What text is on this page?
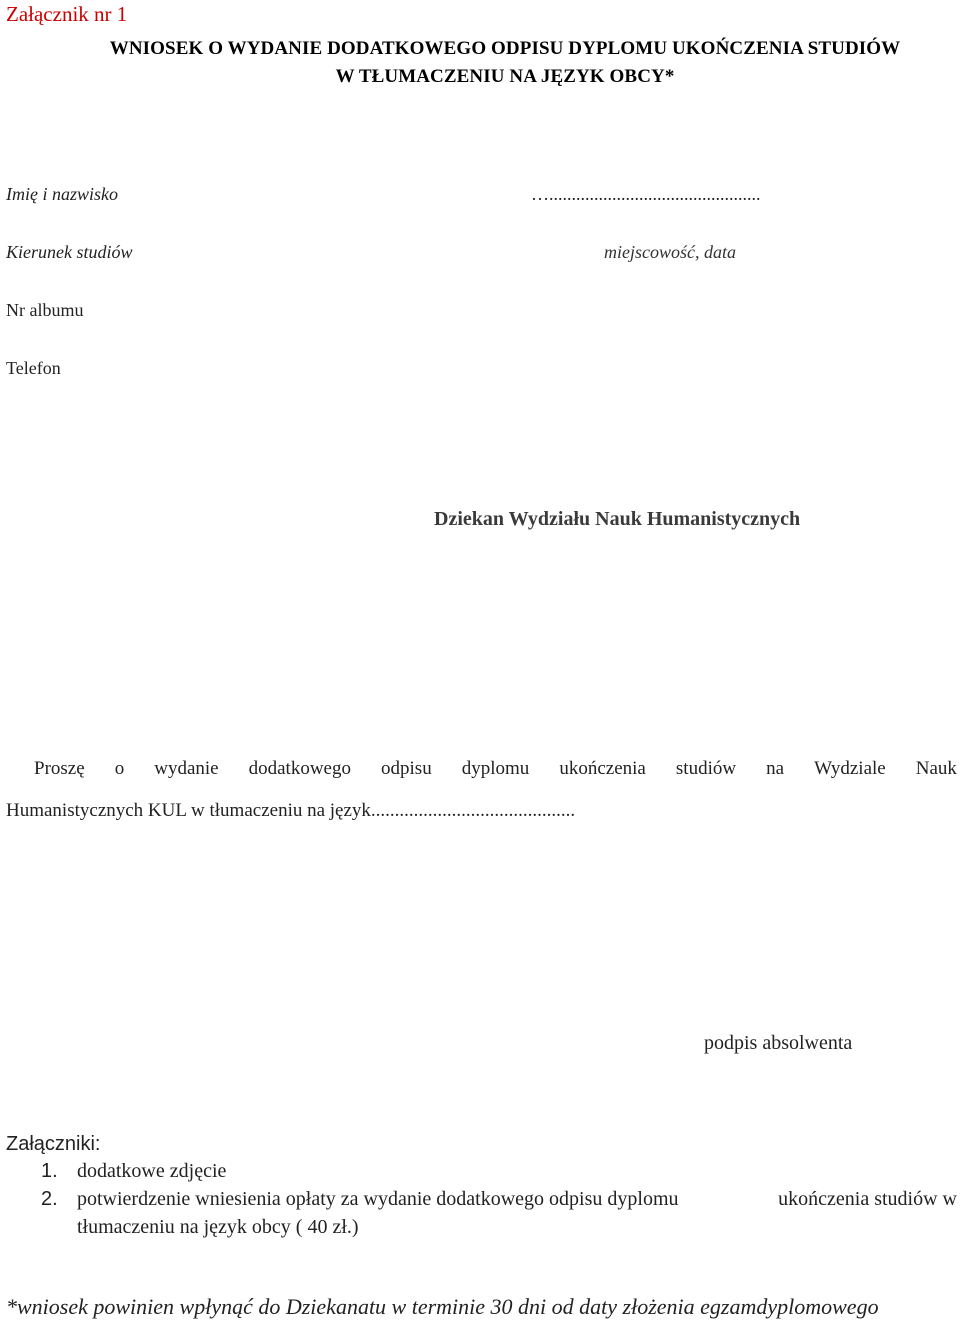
Załącznik nr 1
WNIOSEK O WYDANIE DODATKOWEGO ODPISU DYPLOMU UKOŃCZENIA STUDIÓW
W TŁUMACZENIU NA JĘZYK OBCY*
Imię i nazwisko	…...............................................
Kierunek studiów	miejscowość, data
Nr albumu
Telefon
Dziekan Wydziału Nauk Humanistycznych
Proszę o wydanie dodatkowego odpisu dyplomu ukończenia studiów na Wydziale Nauk
Humanistycznych KUL w tłumaczeniu na język...........................................
podpis absolwenta
Załączniki:
1. dodatkowe zdjęcie
2. potwierdzenie wniesienia opłaty za wydanie dodatkowego odpisu dyplomu	ukończenia studiów w
tłumaczeniu na język obcy ( 40 zł.)
*wniosek powinien wpłynąć do Dziekanatu w terminie 30 dni od daty złożenia egzamdyplomowego
